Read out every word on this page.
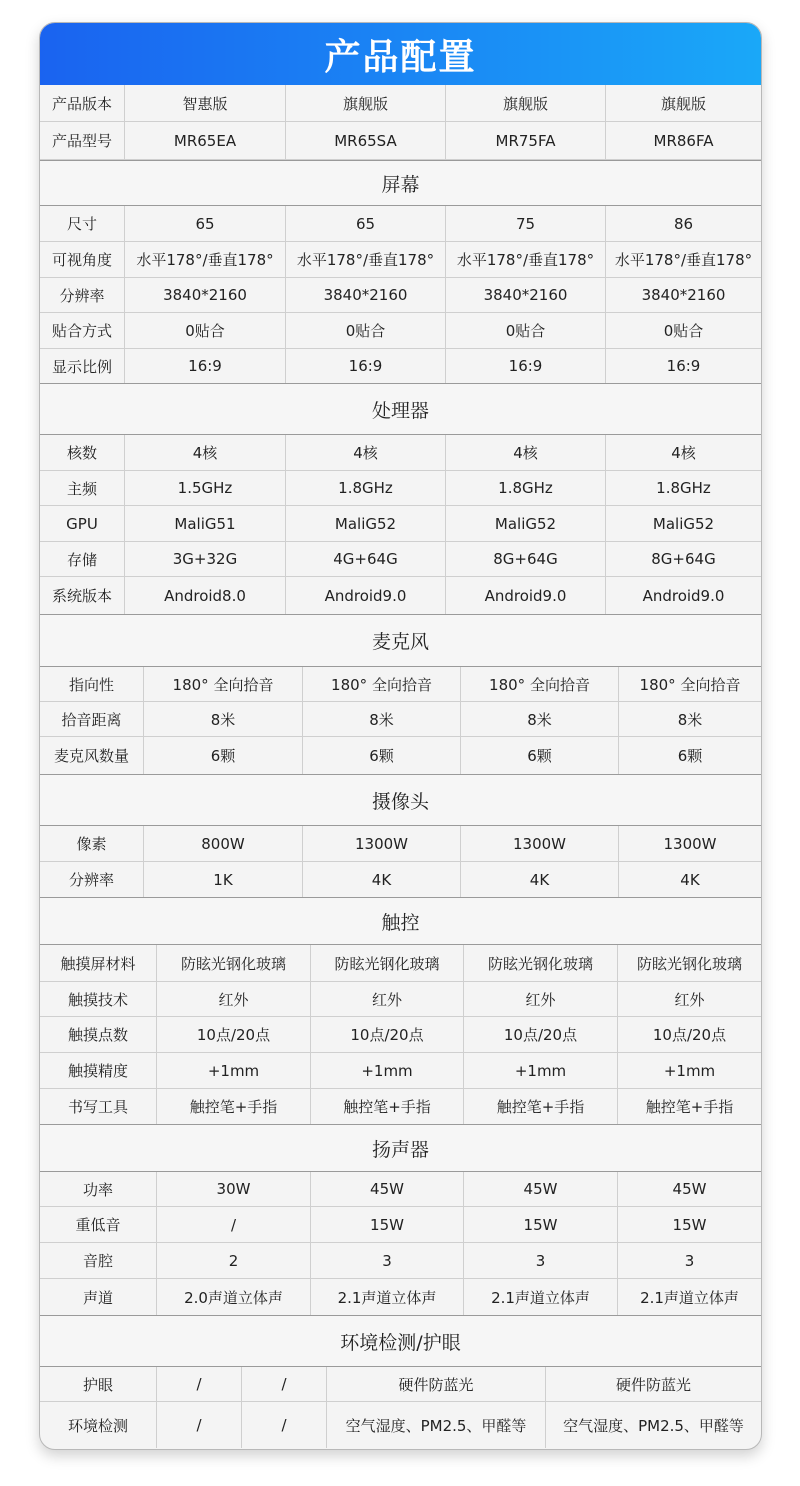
产品配置
产品版本	智惠版	旗舰版	旗舰版	旗舰版
产品型号	MR65EA	MR65SA	MR75FA	MR86FA
屏幕
尺寸	65	65	75	86
可视角度	水平178°/垂直178°	水平178°/垂直178°	水平178°/垂直178°	水平178°/垂直178°
分辨率	3840*2160	3840*2160	3840*2160	3840*2160
贴合方式	0贴合	0贴合	0贴合	0贴合
显示比例	16:9	16:9	16:9	16:9
处理器
核数	4核	4核	4核	4核
主频	1.5GHz	1.8GHz	1.8GHz	1.8GHz
GPU	MaliG51	MaliG52	MaliG52	MaliG52
存储	3G+32G	4G+64G	8G+64G	8G+64G
系统版本	Android8.0	Android9.0	Android9.0	Android9.0
麦克风
指向性	180° 全向拾音	180° 全向拾音	180° 全向拾音	180° 全向拾音
拾音距离	8米	8米	8米	8米
麦克风数量	6颗	6颗	6颗	6颗
摄像头
像素	800W	1300W	1300W	1300W
分辨率	1K	4K	4K	4K
触控
触摸屏材料	防眩光钢化玻璃	防眩光钢化玻璃	防眩光钢化玻璃	防眩光钢化玻璃
触摸技术	红外	红外	红外	红外
触摸点数	10点/20点	10点/20点	10点/20点	10点/20点
触摸精度	+1mm	+1mm	+1mm	+1mm
书写工具	触控笔+手指	触控笔+手指	触控笔+手指	触控笔+手指
扬声器
功率	30W	45W	45W	45W
重低音	/	15W	15W	15W
音腔	2	3	3	3
声道	2.0声道立体声	2.1声道立体声	2.1声道立体声	2.1声道立体声
环境检测/护眼
护眼	/	/	硬件防蓝光	硬件防蓝光
环境检测	/	/	空气湿度、PM2.5、甲醛等	空气湿度、PM2.5、甲醛等
